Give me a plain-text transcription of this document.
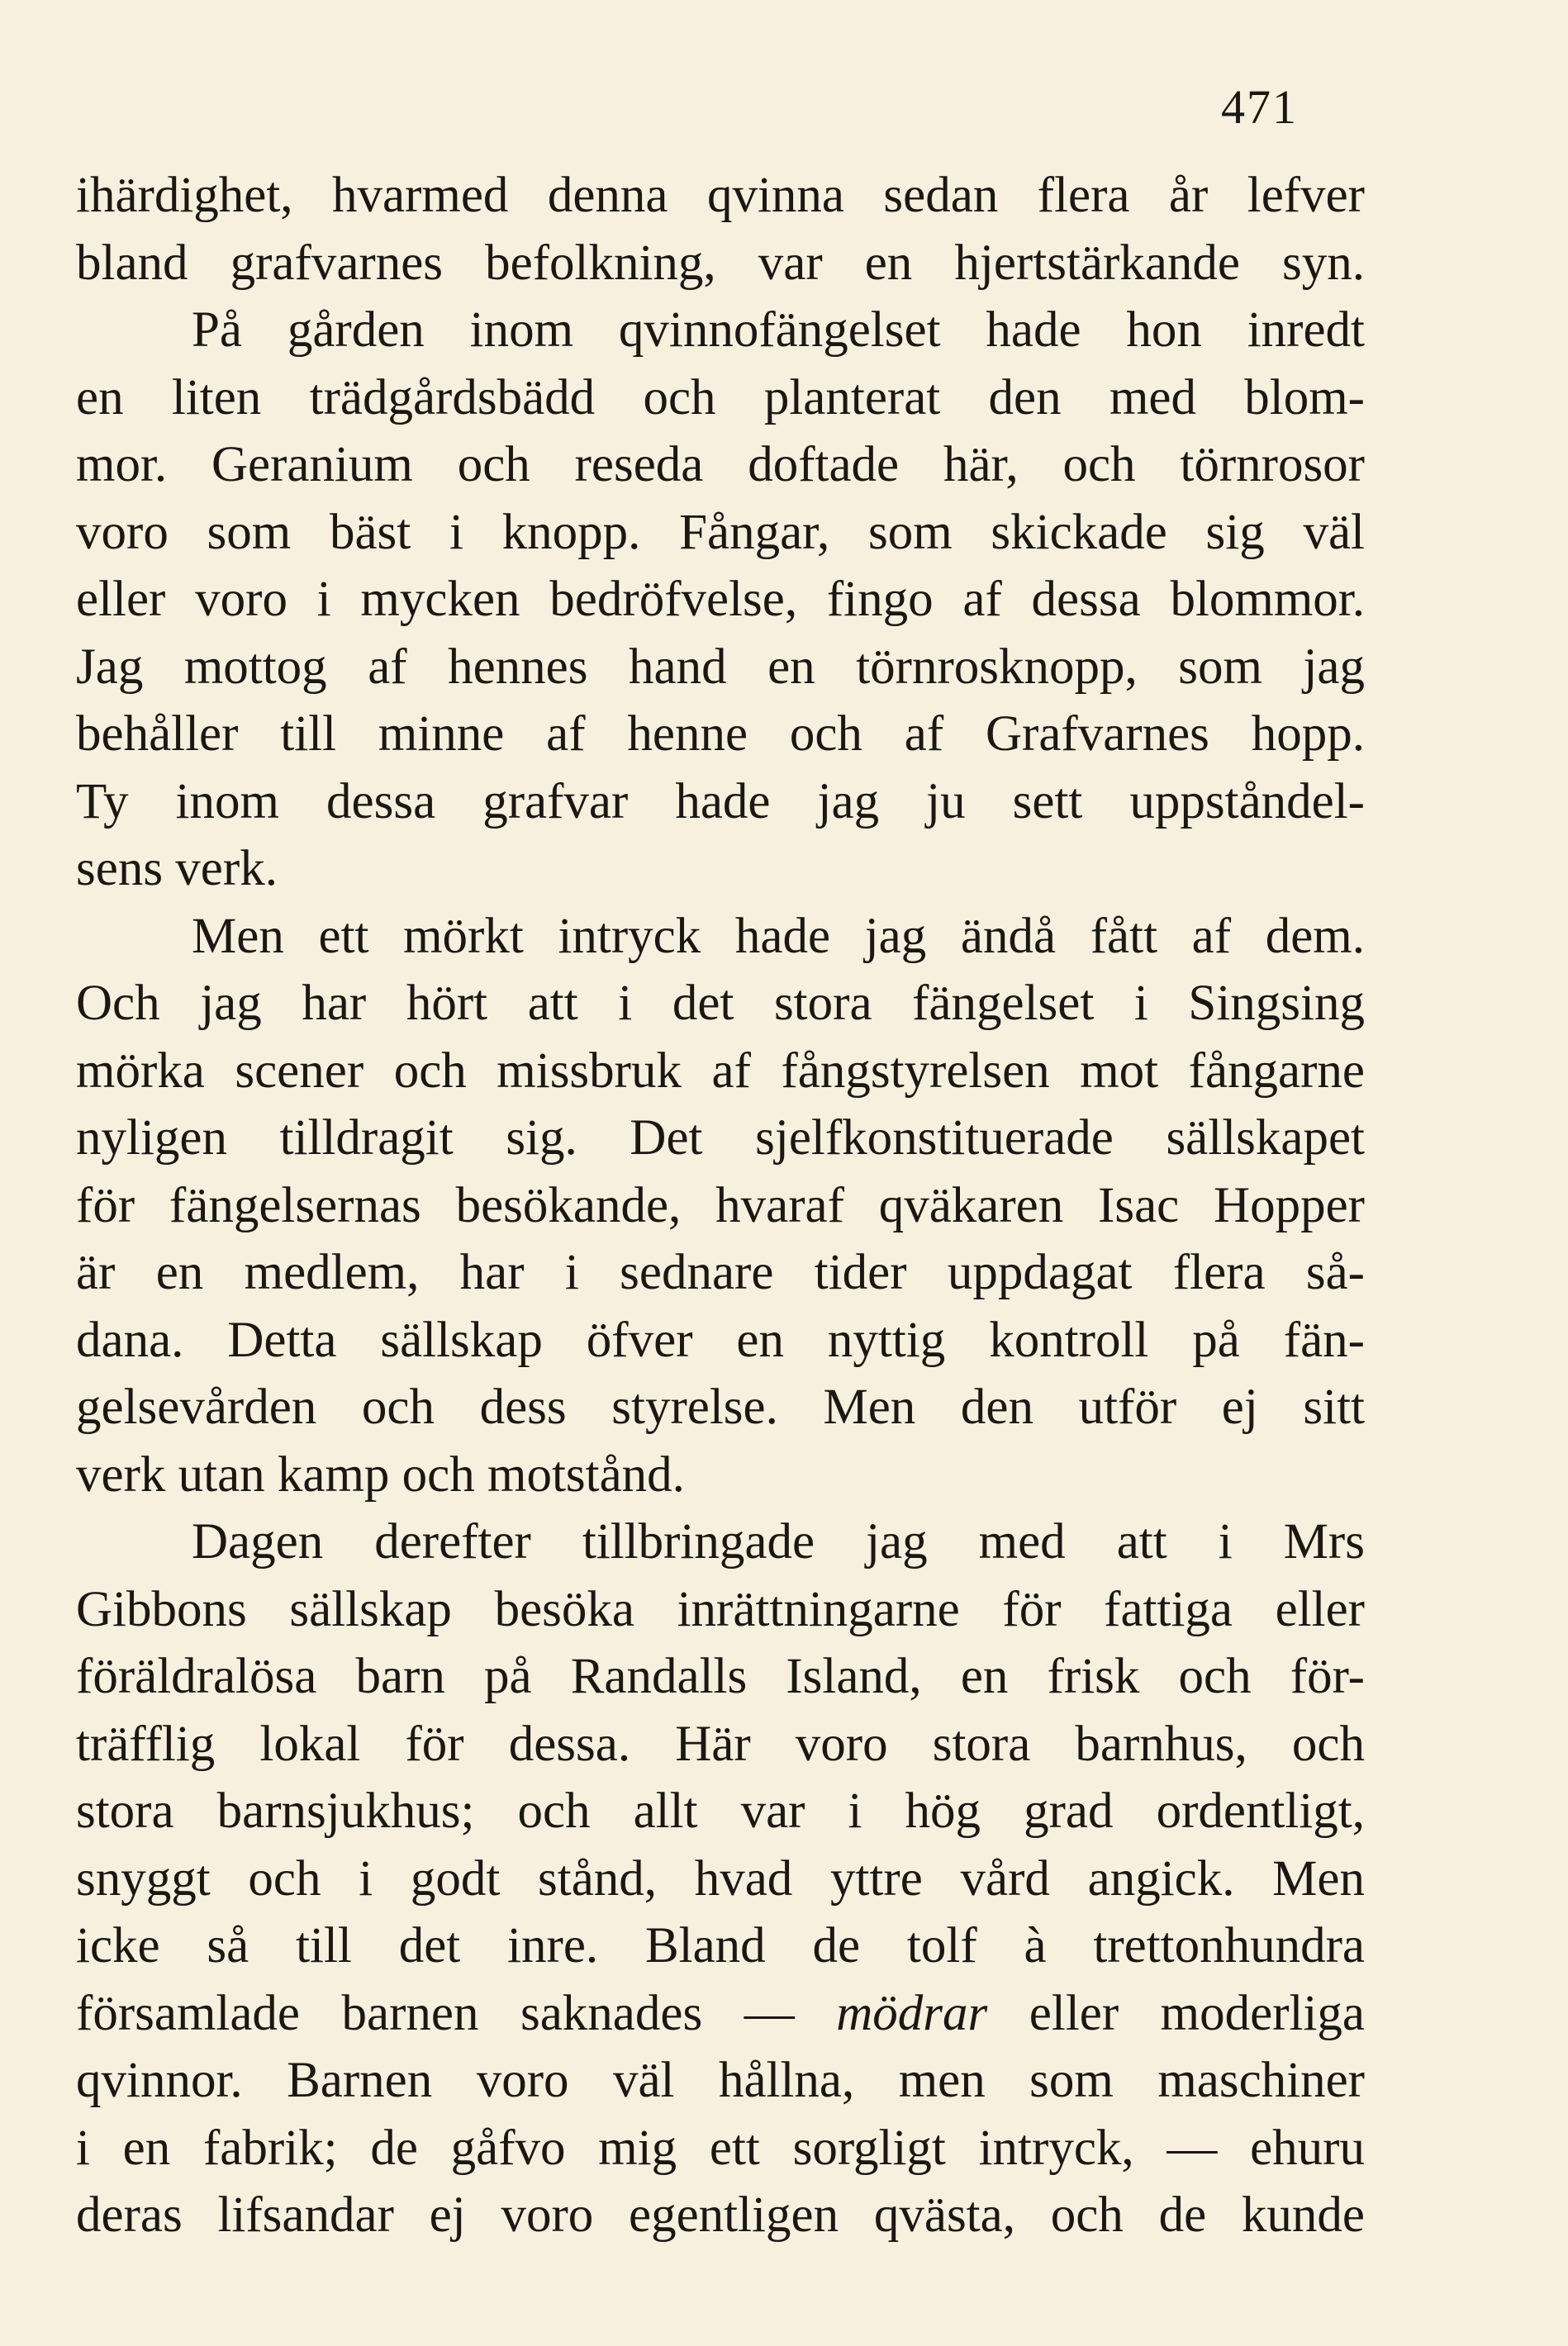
471
ihärdighet, hvarmed denna qvinna sedan flera år lefver
bland grafvarnes befolkning, var en hjertstärkande syn.
På gården inom qvinnofängelset hade hon inredt
en liten trädgårdsbädd och planterat den med blom-
mor. Geranium och reseda doftade här, och törnrosor
voro som bäst i knopp. Fångar, som skickade sig väl
eller voro i mycken bedröfvelse, fingo af dessa blommor.
Jag mottog af hennes hand en törnrosknopp, som jag
behåller till minne af henne och af Grafvarnes hopp.
Ty inom dessa grafvar hade jag ju sett uppståndel-
sens verk.
Men ett mörkt intryck hade jag ändå fått af dem.
Och jag har hört att i det stora fängelset i Singsing
mörka scener och missbruk af fångstyrelsen mot fångarne
nyligen tilldragit sig. Det sjelfkonstituerade sällskapet
för fängelsernas besökande, hvaraf qväkaren Isac Hopper
är en medlem, har i sednare tider uppdagat flera så-
dana. Detta sällskap öfver en nyttig kontroll på fän-
gelsevården och dess styrelse. Men den utför ej sitt
verk utan kamp och motstånd.
Dagen derefter tillbringade jag med att i Mrs
Gibbons sällskap besöka inrättningarne för fattiga eller
föräldralösa barn på Randalls Island, en frisk och för-
träfflig lokal för dessa. Här voro stora barnhus, och
stora barnsjukhus; och allt var i hög grad ordentligt,
snyggt och i godt stånd, hvad yttre vård angick. Men
icke så till det inre. Bland de tolf à trettonhundra
församlade barnen saknades — mödrar eller moderliga
qvinnor. Barnen voro väl hållna, men som maschiner
i en fabrik; de gåfvo mig ett sorgligt intryck, — ehuru
deras lifsandar ej voro egentligen qvästa, och de kunde
